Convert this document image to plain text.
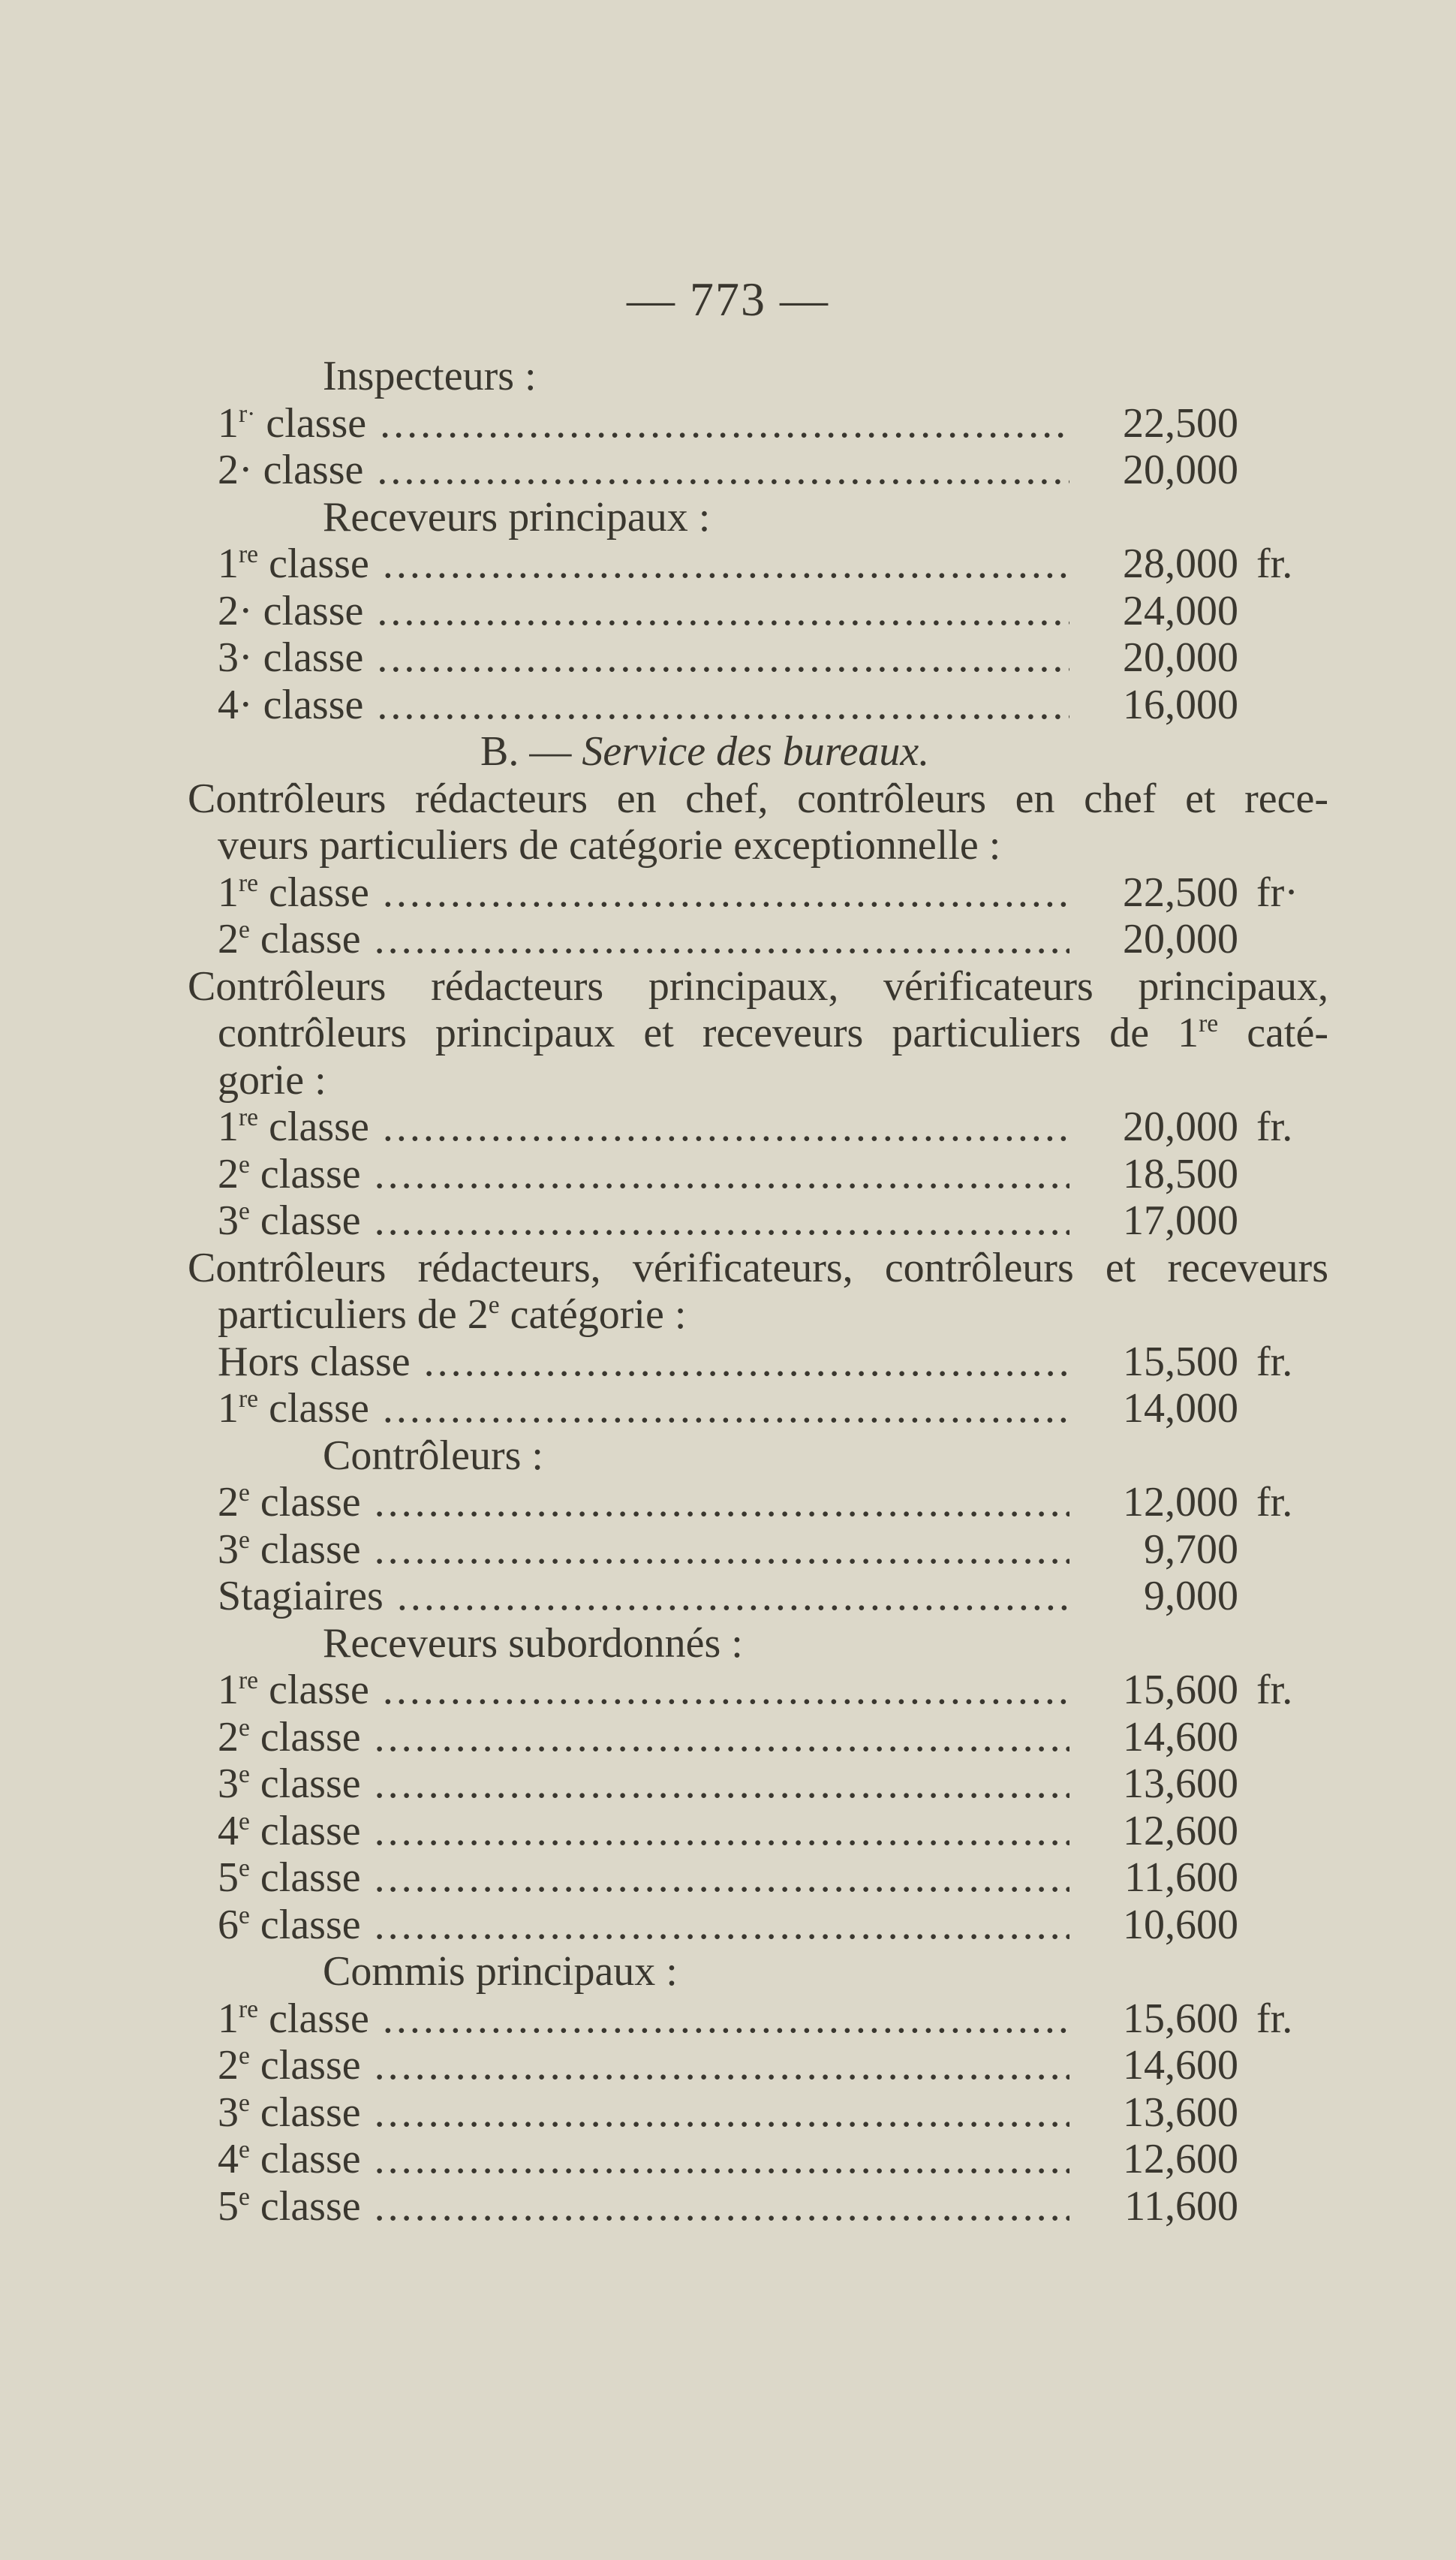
— 773 —
Inspecteurs :
$1^{r\cdot}$ classe .....	22,500
2· classe .....	20,000
Receveurs principaux :
1re classe .....	28,000 fr.
2· classe .....	24,000
3· classe .....	20,000
4· classe .....	16,000
B. — Service des bureaux.
Contrôleurs rédacteurs en chef, contrôleurs en chef et rece-
veurs particuliers de catégorie exceptionnelle :
1re classe .....	22,500 fr·
$2^e$ classe .....	20,000
Contrôleurs rédacteurs principaux, vérificateurs principaux,
contrôleurs principaux et receveurs particuliers de 1re caté-
gorie :
1re classe .....	20,000 fr.
2e classe .....	18,500
3e classe .....	17,000
Contrôleurs rédacteurs, vérificateurs, contrôleurs et receveurs
particuliers de 2e catégorie :
Hors classe .....	15,500 fr.
1re classe .....	14,000
Contrôleurs :
2e classe .....	12,000 fr.
3e classe .....	9,700
Stagiaires .....	9,000
Receveurs subordonnés :
1re classe .....	15,600 fr.
2e classe .....	14,600
3e classe .....	13,600
4e classe .....	12,600
5e classe .....	11,600
6e classe .....	10,600
Commis principaux :
1re classe .....	15,600 fr.
2e classe .....	14,600
3e classe .....	13,600
4e classe .....	12,600
5e classe .....	11,600
